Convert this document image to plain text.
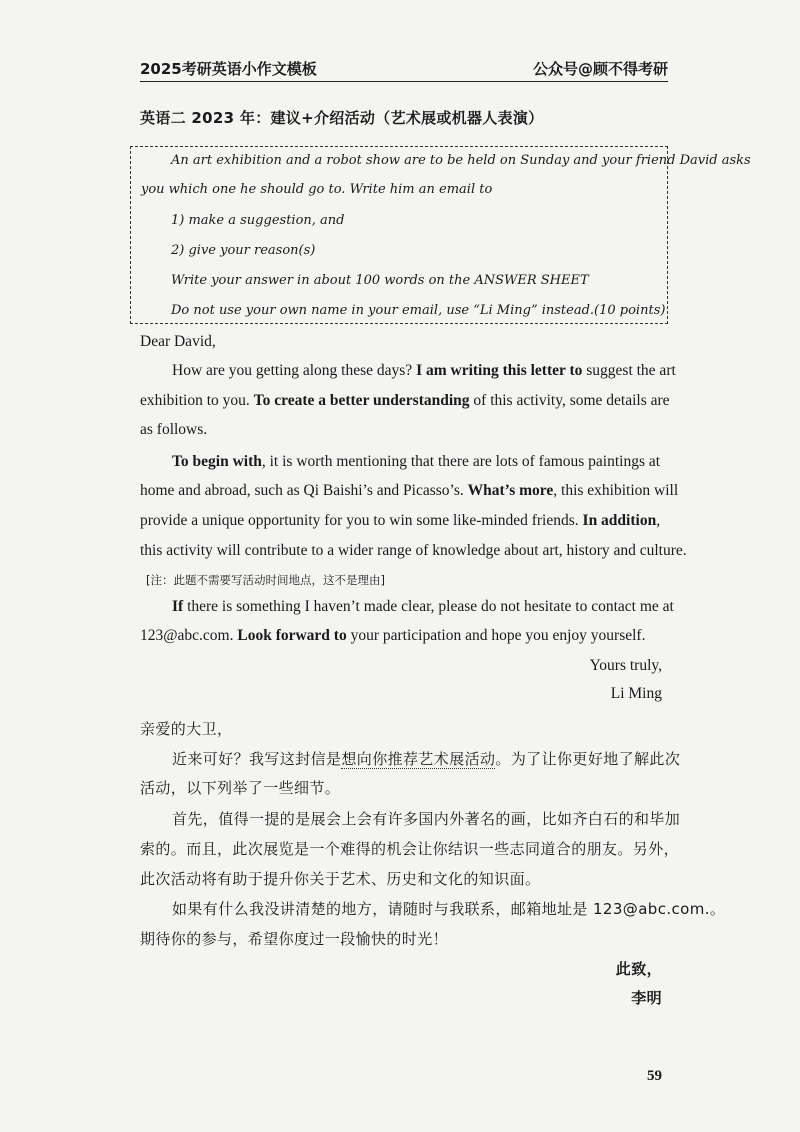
2025考研英语小作文模板	公众号@顾不得考研
英语二 2023 年：建议+介绍活动（艺术展或机器人表演）
An art exhibition and a robot show are to be held on Sunday and your friend David asks
you which one he should go to. Write him an email to
1) make a suggestion, and
2) give your reason(s)
Write your answer in about 100 words on the ANSWER SHEET
Do not use your own name in your email, use “Li Ming” instead.(10 points)
Dear David,
How are you getting along these days? I am writing this letter to suggest the art
exhibition to you. To create a better understanding of this activity, some details are
as follows.
To begin with, it is worth mentioning that there are lots of famous paintings at
home and abroad, such as Qi Baishi’s and Picasso’s. What’s more, this exhibition will
provide a unique opportunity for you to win some like-minded friends. In addition,
this activity will contribute to a wider range of knowledge about art, history and culture.
[注：此题不需要写活动时间地点，这不是理由]
If there is something I haven’t made clear, please do not hesitate to contact me at
123@abc.com. Look forward to your participation and hope you enjoy yourself.
Yours truly,
Li Ming
亲爱的大卫，
近来可好？我写这封信是想向你推荐艺术展活动。为了让你更好地了解此次
活动，以下列举了一些细节。
首先，值得一提的是展会上会有许多国内外著名的画，比如齐白石的和毕加
索的。而且，此次展览是一个难得的机会让你结识一些志同道合的朋友。另外，
此次活动将有助于提升你关于艺术、历史和文化的知识面。
如果有什么我没讲清楚的地方，请随时与我联系，邮箱地址是 123@abc.com.。
期待你的参与，希望你度过一段愉快的时光！
此致，
李明
59
